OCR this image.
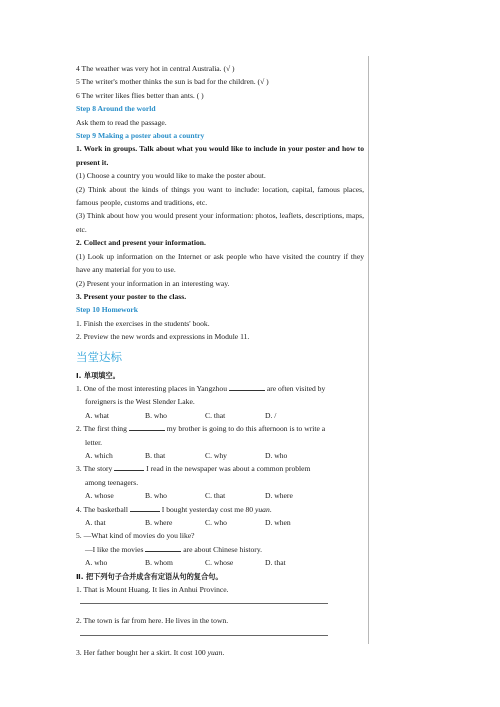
4 The weather was very hot in central Australia. (√ )
5 The writer's mother thinks the sun is bad for the children. (√ )
6 The writer likes flies better than ants. ( )
Step 8 Around the world
Ask them to read the passage.
Step 9 Making a poster about a country
1. Work in groups. Talk about what you would like to include in your poster and how to present it.
(1) Choose a country you would like to make the poster about.
(2) Think about the kinds of things you want to include: location, capital, famous places, famous people, customs and traditions, etc.
(3) Think about how you would present your information: photos, leaflets, descriptions, maps, etc.
2. Collect and present your information.
(1) Look up information on the Internet or ask people who have visited the country if they have any material for you to use.
(2) Present your information in an interesting way.
3. Present your poster to the class.
Step 10 Homework
1. Finish the exercises in the students' book.
2. Preview the new words and expressions in Module 11.
当堂达标
Ⅰ. 单项填空。
1. One of the most interesting places in Yangzhou	are often visited by
foreigners is the West Slender Lake.
A. what	B. who	C. that	D. /
2. The first thing	my brother is going to do this afternoon is to write a
letter.
A. which	B. that	C. why	D. who
3. The story	I read in the newspaper was about a common problem
among teenagers.
A. whose	B. who	C. that	D. where
4. The basketball	I bought yesterday cost me 80 yuan.
A. that	B. where	C. who	D. when
5. —What kind of movies do you like?
—I like the movies	are about Chinese history.
A. who	B. whom	C. whose	D. that
Ⅱ. 把下列句子合并成含有定语从句的复合句。
1. That is Mount Huang. It lies in Anhui Province.
2. The town is far from here. He lives in the town.
3. Her father bought her a skirt. It cost 100 yuan.
